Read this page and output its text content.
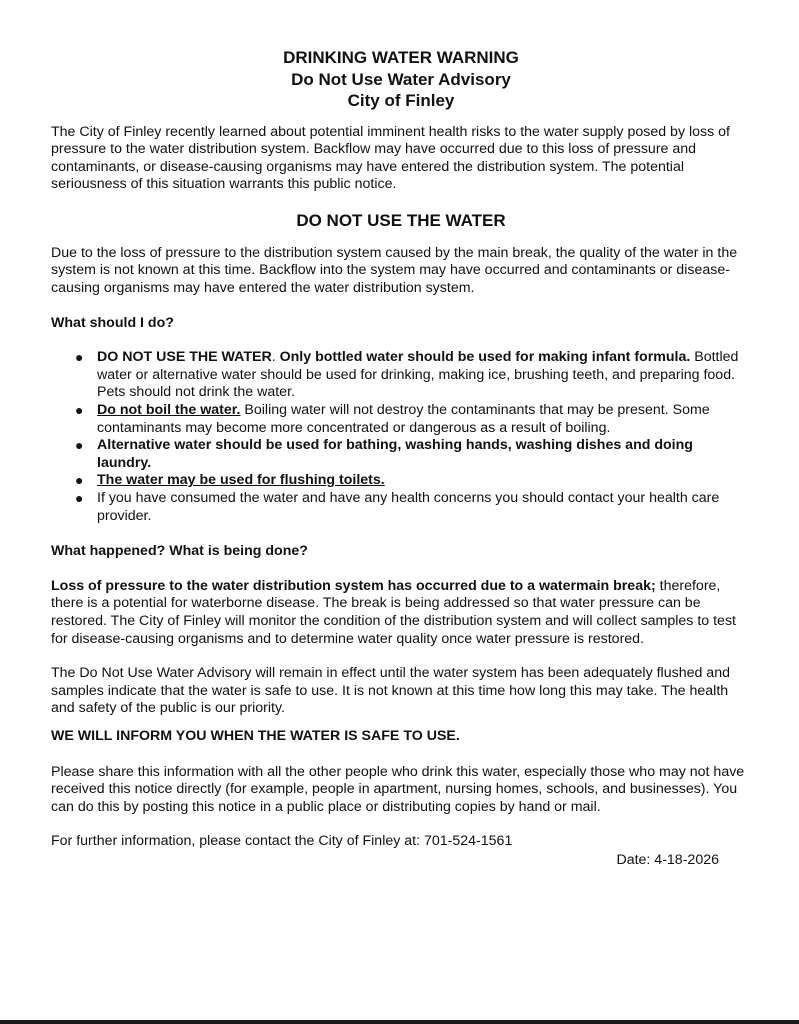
DRINKING WATER WARNING
Do Not Use Water Advisory
City of Finley

The City of Finley recently learned about potential imminent health risks to the water supply posed by loss of pressure to the water distribution system. Backflow may have occurred due to this loss of pressure and contaminants, or disease-causing organisms may have entered the distribution system. The potential seriousness of this situation warrants this public notice.

DO NOT USE THE WATER

Due to the loss of pressure to the distribution system caused by the main break, the quality of the water in the system is not known at this time. Backflow into the system may have occurred and contaminants or disease-causing organisms may have entered the water distribution system.

What should I do?
● DO NOT USE THE WATER. Only bottled water should be used for making infant formula. Bottled water or alternative water should be used for drinking, making ice, brushing teeth, and preparing food. Pets should not drink the water.
● Do not boil the water. Boiling water will not destroy the contaminants that may be present. Some contaminants may become more concentrated or dangerous as a result of boiling.
● Alternative water should be used for bathing, washing hands, washing dishes and doing laundry.
● The water may be used for flushing toilets.
● If you have consumed the water and have any health concerns you should contact your health care provider.
What happened? What is being done?

Loss of pressure to the water distribution system has occurred due to a watermain break; therefore, there is a potential for waterborne disease. The break is being addressed so that water pressure can be restored. The City of Finley will monitor the condition of the distribution system and will collect samples to test for disease-causing organisms and to determine water quality once water pressure is restored.

The Do Not Use Water Advisory will remain in effect until the water system has been adequately flushed and samples indicate that the water is safe to use. It is not known at this time how long this may take. The health and safety of the public is our priority.

WE WILL INFORM YOU WHEN THE WATER IS SAFE TO USE.

Please share this information with all the other people who drink this water, especially those who may not have received this notice directly (for example, people in apartment, nursing homes, schools, and businesses). You can do this by posting this notice in a public place or distributing copies by hand or mail.

For further information, please contact the City of Finley at: 701-524-1561

Date: 4-18-2026
